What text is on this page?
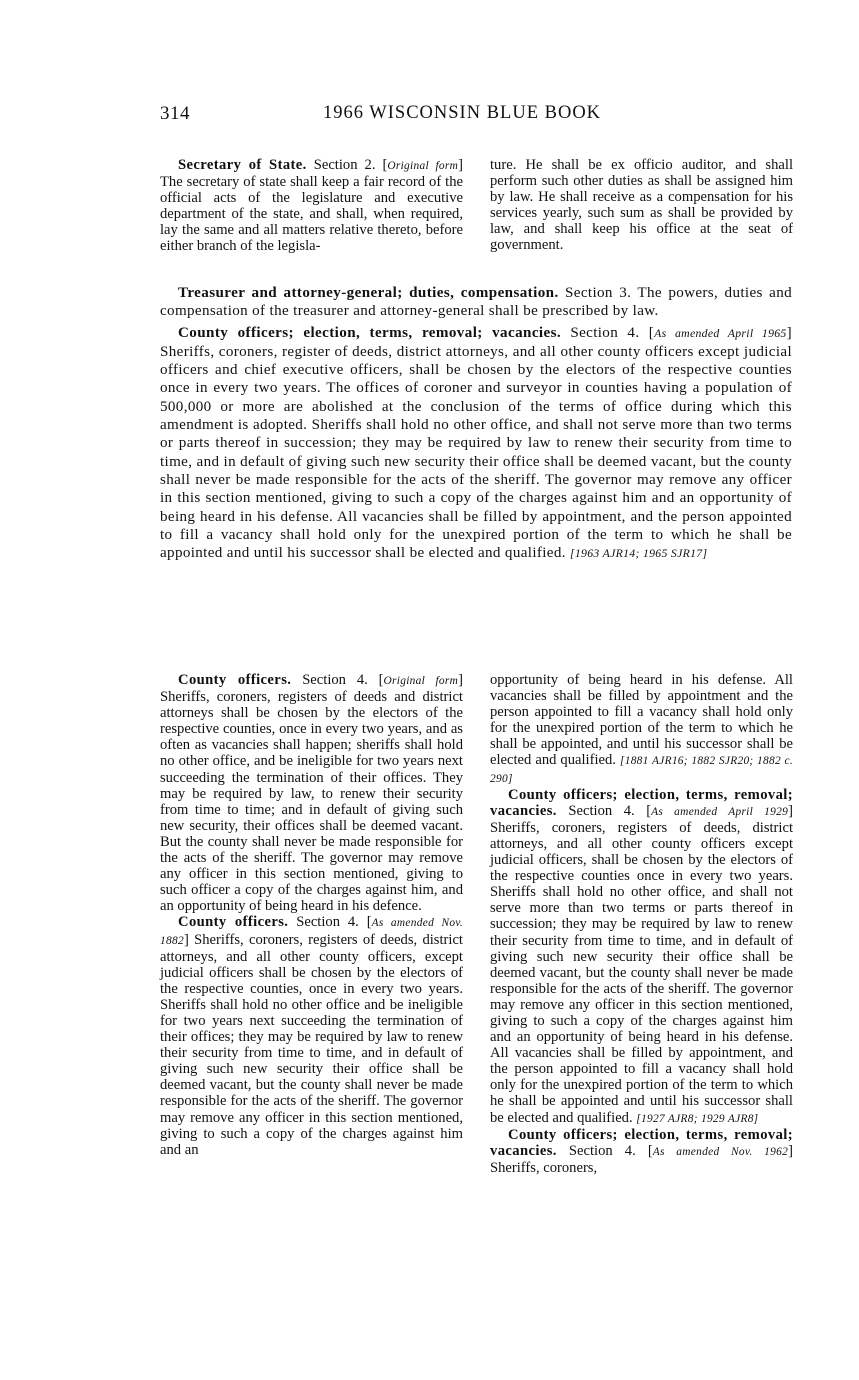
314	1966 WISCONSIN BLUE BOOK

Secretary of State. Section 2. [Original form] The secretary of state shall keep a fair record of the official acts of the legislature and executive department of the state, and shall, when required, lay the same and all matters relative thereto, before either branch of the legisla-

ture. He shall be ex officio auditor, and shall perform such other duties as shall be assigned him by law. He shall receive as a compensation for his services yearly, such sum as shall be provided by law, and shall keep his office at the seat of government.

Treasurer and attorney-general; duties, compensation. Section 3. The powers, duties and compensation of the treasurer and attorney-general shall be prescribed by law.

County officers; election, terms, removal; vacancies. Section 4. [As amended April 1965] Sheriffs, coroners, register of deeds, district attorneys, and all other county officers except judicial officers and chief executive officers, shall be chosen by the electors of the respective counties once in every two years. The offices of coroner and surveyor in counties having a population of 500,000 or more are abolished at the conclusion of the terms of office during which this amendment is adopted. Sheriffs shall hold no other office, and shall not serve more than two terms or parts thereof in succession; they may be required by law to renew their security from time to time, and in default of giving such new security their office shall be deemed vacant, but the county shall never be made responsible for the acts of the sheriff. The governor may remove any officer in this section mentioned, giving to such a copy of the charges against him and an opportunity of being heard in his defense. All vacancies shall be filled by appointment, and the person appointed to fill a vacancy shall hold only for the unexpired portion of the term to which he shall be appointed and until his successor shall be elected and qualified. [1963 AJR14; 1965 SJR17]

County officers. Section 4. [Original form] Sheriffs, coroners, registers of deeds and district attorneys shall be chosen by the electors of the respective counties, once in every two years, and as often as vacancies shall happen; sheriffs shall hold no other office, and be ineligible for two years next succeeding the termination of their offices. They may be required by law, to renew their security from time to time; and in default of giving such new security, their offices shall be deemed vacant. But the county shall never be made responsible for the acts of the sheriff. The governor may remove any officer in this section mentioned, giving to such officer a copy of the charges against him, and an opportunity of being heard in his defence.

County officers. Section 4. [As amended Nov. 1882] Sheriffs, coroners, registers of deeds, district attorneys, and all other county officers, except judicial officers shall be chosen by the electors of the respective counties, once in every two years. Sheriffs shall hold no other office and be ineligible for two years next succeeding the termination of their offices; they may be required by law to renew their security from time to time, and in default of giving such new security their office shall be deemed vacant, but the county shall never be made responsible for the acts of the sheriff. The governor may remove any officer in this section mentioned, giving to such a copy of the charges against him and an

opportunity of being heard in his defense. All vacancies shall be filled by appointment and the person appointed to fill a vacancy shall hold only for the unexpired portion of the term to which he shall be appointed, and until his successor shall be elected and qualified. [1881 AJR16; 1882 SJR20; 1882 c. 290]

County officers; election, terms, removal; vacancies. Section 4. [As amended April 1929] Sheriffs, coroners, registers of deeds, district attorneys, and all other county officers except judicial officers, shall be chosen by the electors of the respective counties once in every two years. Sheriffs shall hold no other office, and shall not serve more than two terms or parts thereof in succession; they may be required by law to renew their security from time to time, and in default of giving such new security their office shall be deemed vacant, but the county shall never be made responsible for the acts of the sheriff. The governor may remove any officer in this section mentioned, giving to such a copy of the charges against him and an opportunity of being heard in his defense. All vacancies shall be filled by appointment, and the person appointed to fill a vacancy shall hold only for the unexpired portion of the term to which he shall be appointed and until his successor shall be elected and qualified. [1927 AJR8; 1929 AJR8]

County officers; election, terms, removal; vacancies. Section 4. [As amended Nov. 1962] Sheriffs, coroners,
